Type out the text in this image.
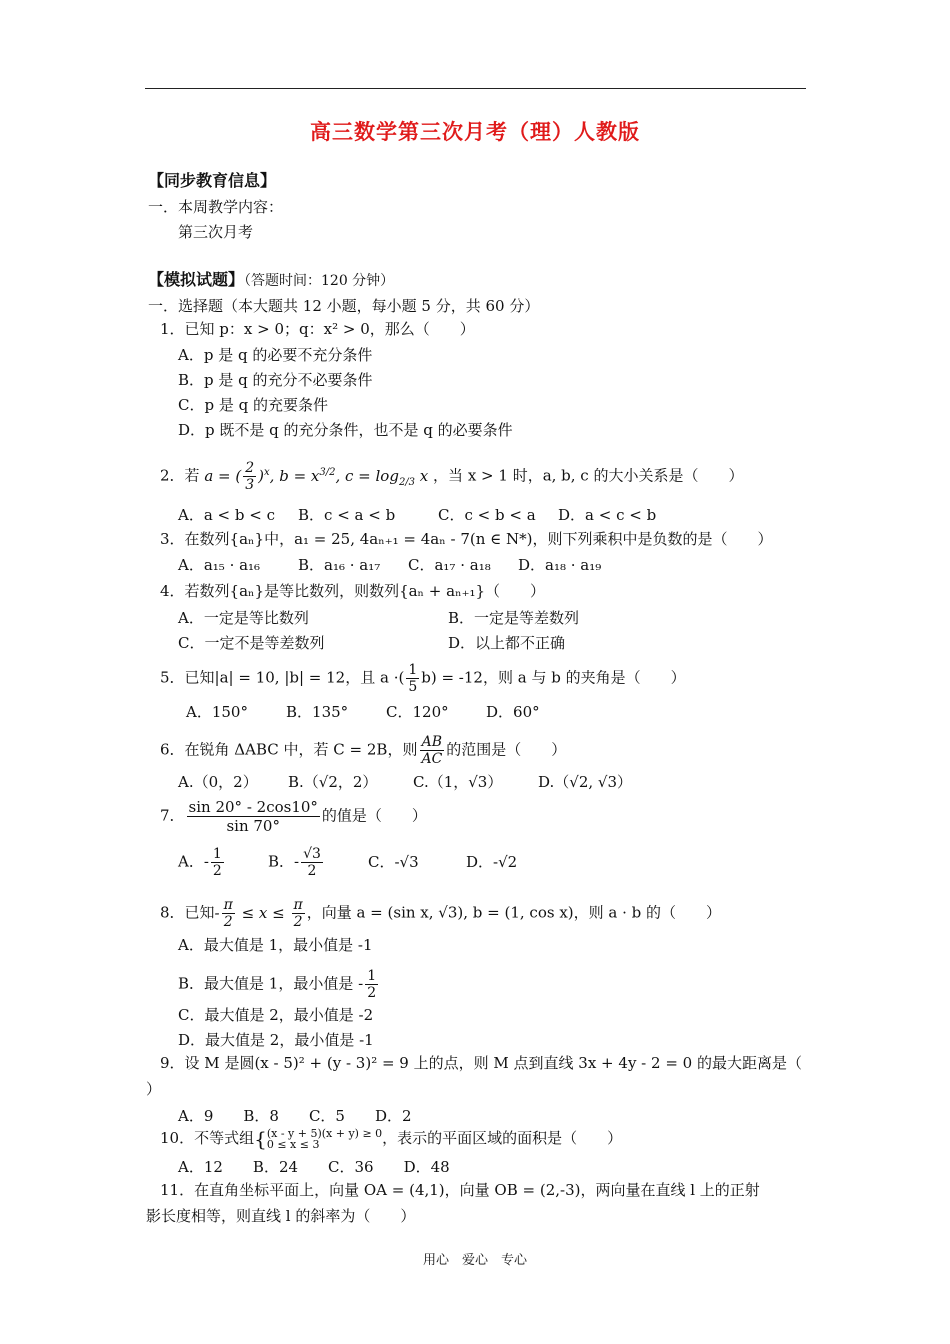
高三数学第三次月考（理）人教版
【同步教育信息】
一．本周教学内容：
第三次月考
【模拟试题】（答题时间：120 分钟）
一．选择题（本大题共 12 小题，每小题 5 分，共 60 分）
1．已知 p：x > 0；q：x² > 0，那么（　　）
A．p 是 q 的必要不充分条件
B．p 是 q 的充分不必要条件
C．p 是 q 的充要条件
D．p 既不是 q 的充分条件，也不是 q 的必要条件
2．若 a = ( $\frac{2}{3} )^x$, $b = x^{3/2}$, $c = \log_{2/3} x$ ，当 x > 1 时，a, b, c 的大小关系是（　　）
A．a < b < c B．c < a < b	C．c < b < a D．a < c < b
3．在数列{aₙ}中，a₁ = 25, 4aₙ₊₁ = 4aₙ - 7(n ∈ N*)，则下列乘积中是负数的是（　　）
A．a₁₅ · a₁₆	B．a₁₆ · a₁₇ C．a₁₇ · a₁₈ D．a₁₈ · a₁₉
4．若数列{aₙ}是等比数列，则数列{aₙ + aₙ₊₁}（　　）
A．一定是等比数列	B．一定是等差数列
C．一定不是等差数列	D．以上都不正确
5．已知|a| = 10, |b| = 12，且 a ·( $\frac{1}{5} b) = -12$，则 a 与 b 的夹角是（　　）
A．150°	B．135°	C．120° D．60°
6．在锐角 ΔABC 中，若 C = 2B，则 $\frac{AB}{AC}$ 的范围是（　　）
A.（0，2） B.（√2，2） C.（1，√3） D.（√2, √3）
7． $\frac{\sin 20^\circ - 2\cos 10^\circ}{\sin 70^\circ}$ 的值是（　　）
A．- $\frac{1}{2}$	B．- $\frac{√3}{2}$	C．-√3	D．-√2
8．已知- $\frac{\pi}{2} \le x \le \frac{\pi}{2}$ ，向量 a = (sin x, √3), b = (1, cos x)，则 a · b 的（　　）
A．最大值是 1，最小值是 -1
B．最大值是 1，最小值是 - $\frac{1}{2}$
C．最大值是 2，最小值是 -2
D．最大值是 2，最小值是 -1
9．设 M 是圆(x - 5)² + (y - 3)² = 9 上的点，则 M 点到直线 3x + 4y - 2 = 0 的最大距离是（
）
A．9　　B．8　　C．5　　D．2
10．不等式组{ (x - y + 5)(x + y) ≥ 0
0 ≤ x ≤ 3	，表示的平面区域的面积是（　　）
A．12　　B．24　　C．36　　D．48
11．在直角坐标平面上，向量 OA = (4,1)，向量 OB = (2,-3)，两向量在直线 l 上的正射
影长度相等，则直线 l 的斜率为（　　）
用心　爱心　专心
